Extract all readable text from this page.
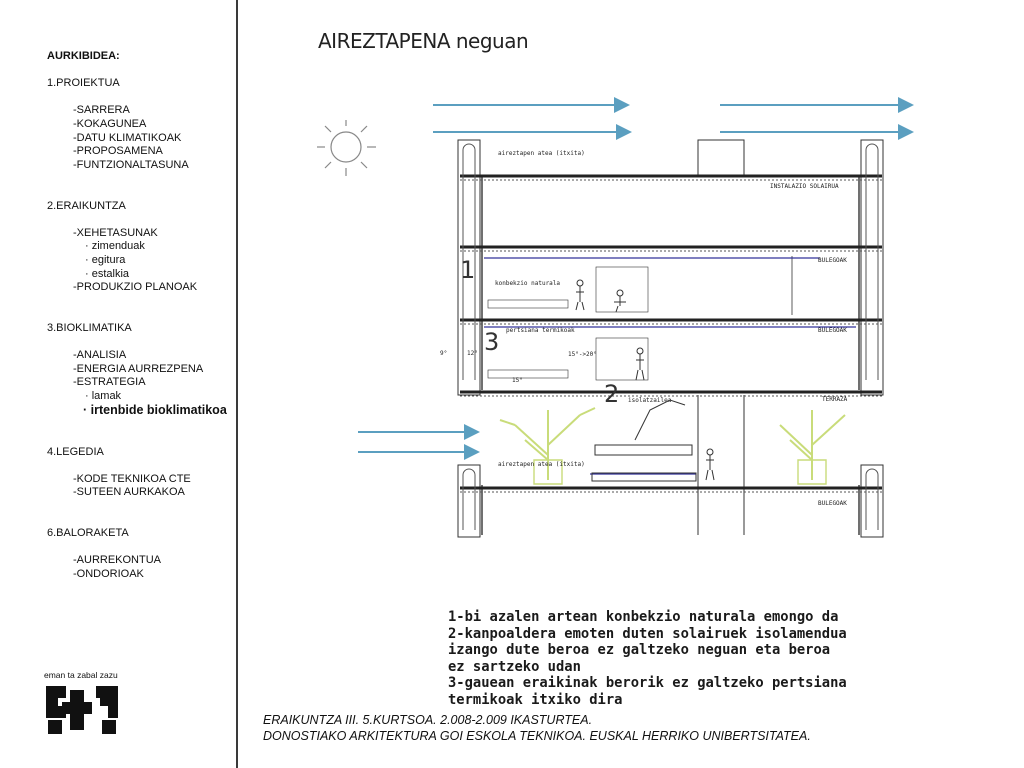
AURKIBIDEA:
1.PROIEKTUA
-SARRERA
-KOKAGUNEA
-DATU KLIMATIKOAK
-PROPOSAMENA
-FUNTZIONALTASUNA
2.ERAIKUNTZA
-XEHETASUNAK
· zimenduak
· egitura
· estalkia
-PRODUKZIO PLANOAK
3.BIOKLIMATIKA
-ANALISIA
-ENERGIA AURREZPENA
-ESTRATEGIA
· lamak
· irtenbide bioklimatikoa
4.LEGEDIA
-KODE TEKNIKOA CTE
-SUTEEN AURKAKOA
6.BALORAKETA
-AURREKONTUA
-ONDORIOAK
eman ta zabal zazu
AIREZTAPENA neguan
aireztapen atea (itxita)
aireztapen atea (itxita)
INSTALAZIO SOLAIRUA
BULEGOAK
BULEGOAK
TERRAZA
BULEGOAK
konbekzio naturala
pertsiana termikoak
isolatzailea
15°->20°
9°	12°
15°
1
3
2
1-bi azalen artean konbekzio naturala emongo da
2-kanpoaldera emoten duten solairuek isolamendua
izango dute beroa ez galtzeko neguan eta beroa
ez sartzeko udan
3-gauean eraikinak berorik ez galtzeko pertsiana
termikoak itxiko dira
ERAIKUNTZA III. 5.KURTSOA. 2.008-2.009 IKASTURTEA.
DONOSTIAKO ARKITEKTURA GOI ESKOLA TEKNIKOA. EUSKAL HERRIKO UNIBERTSITATEA.
